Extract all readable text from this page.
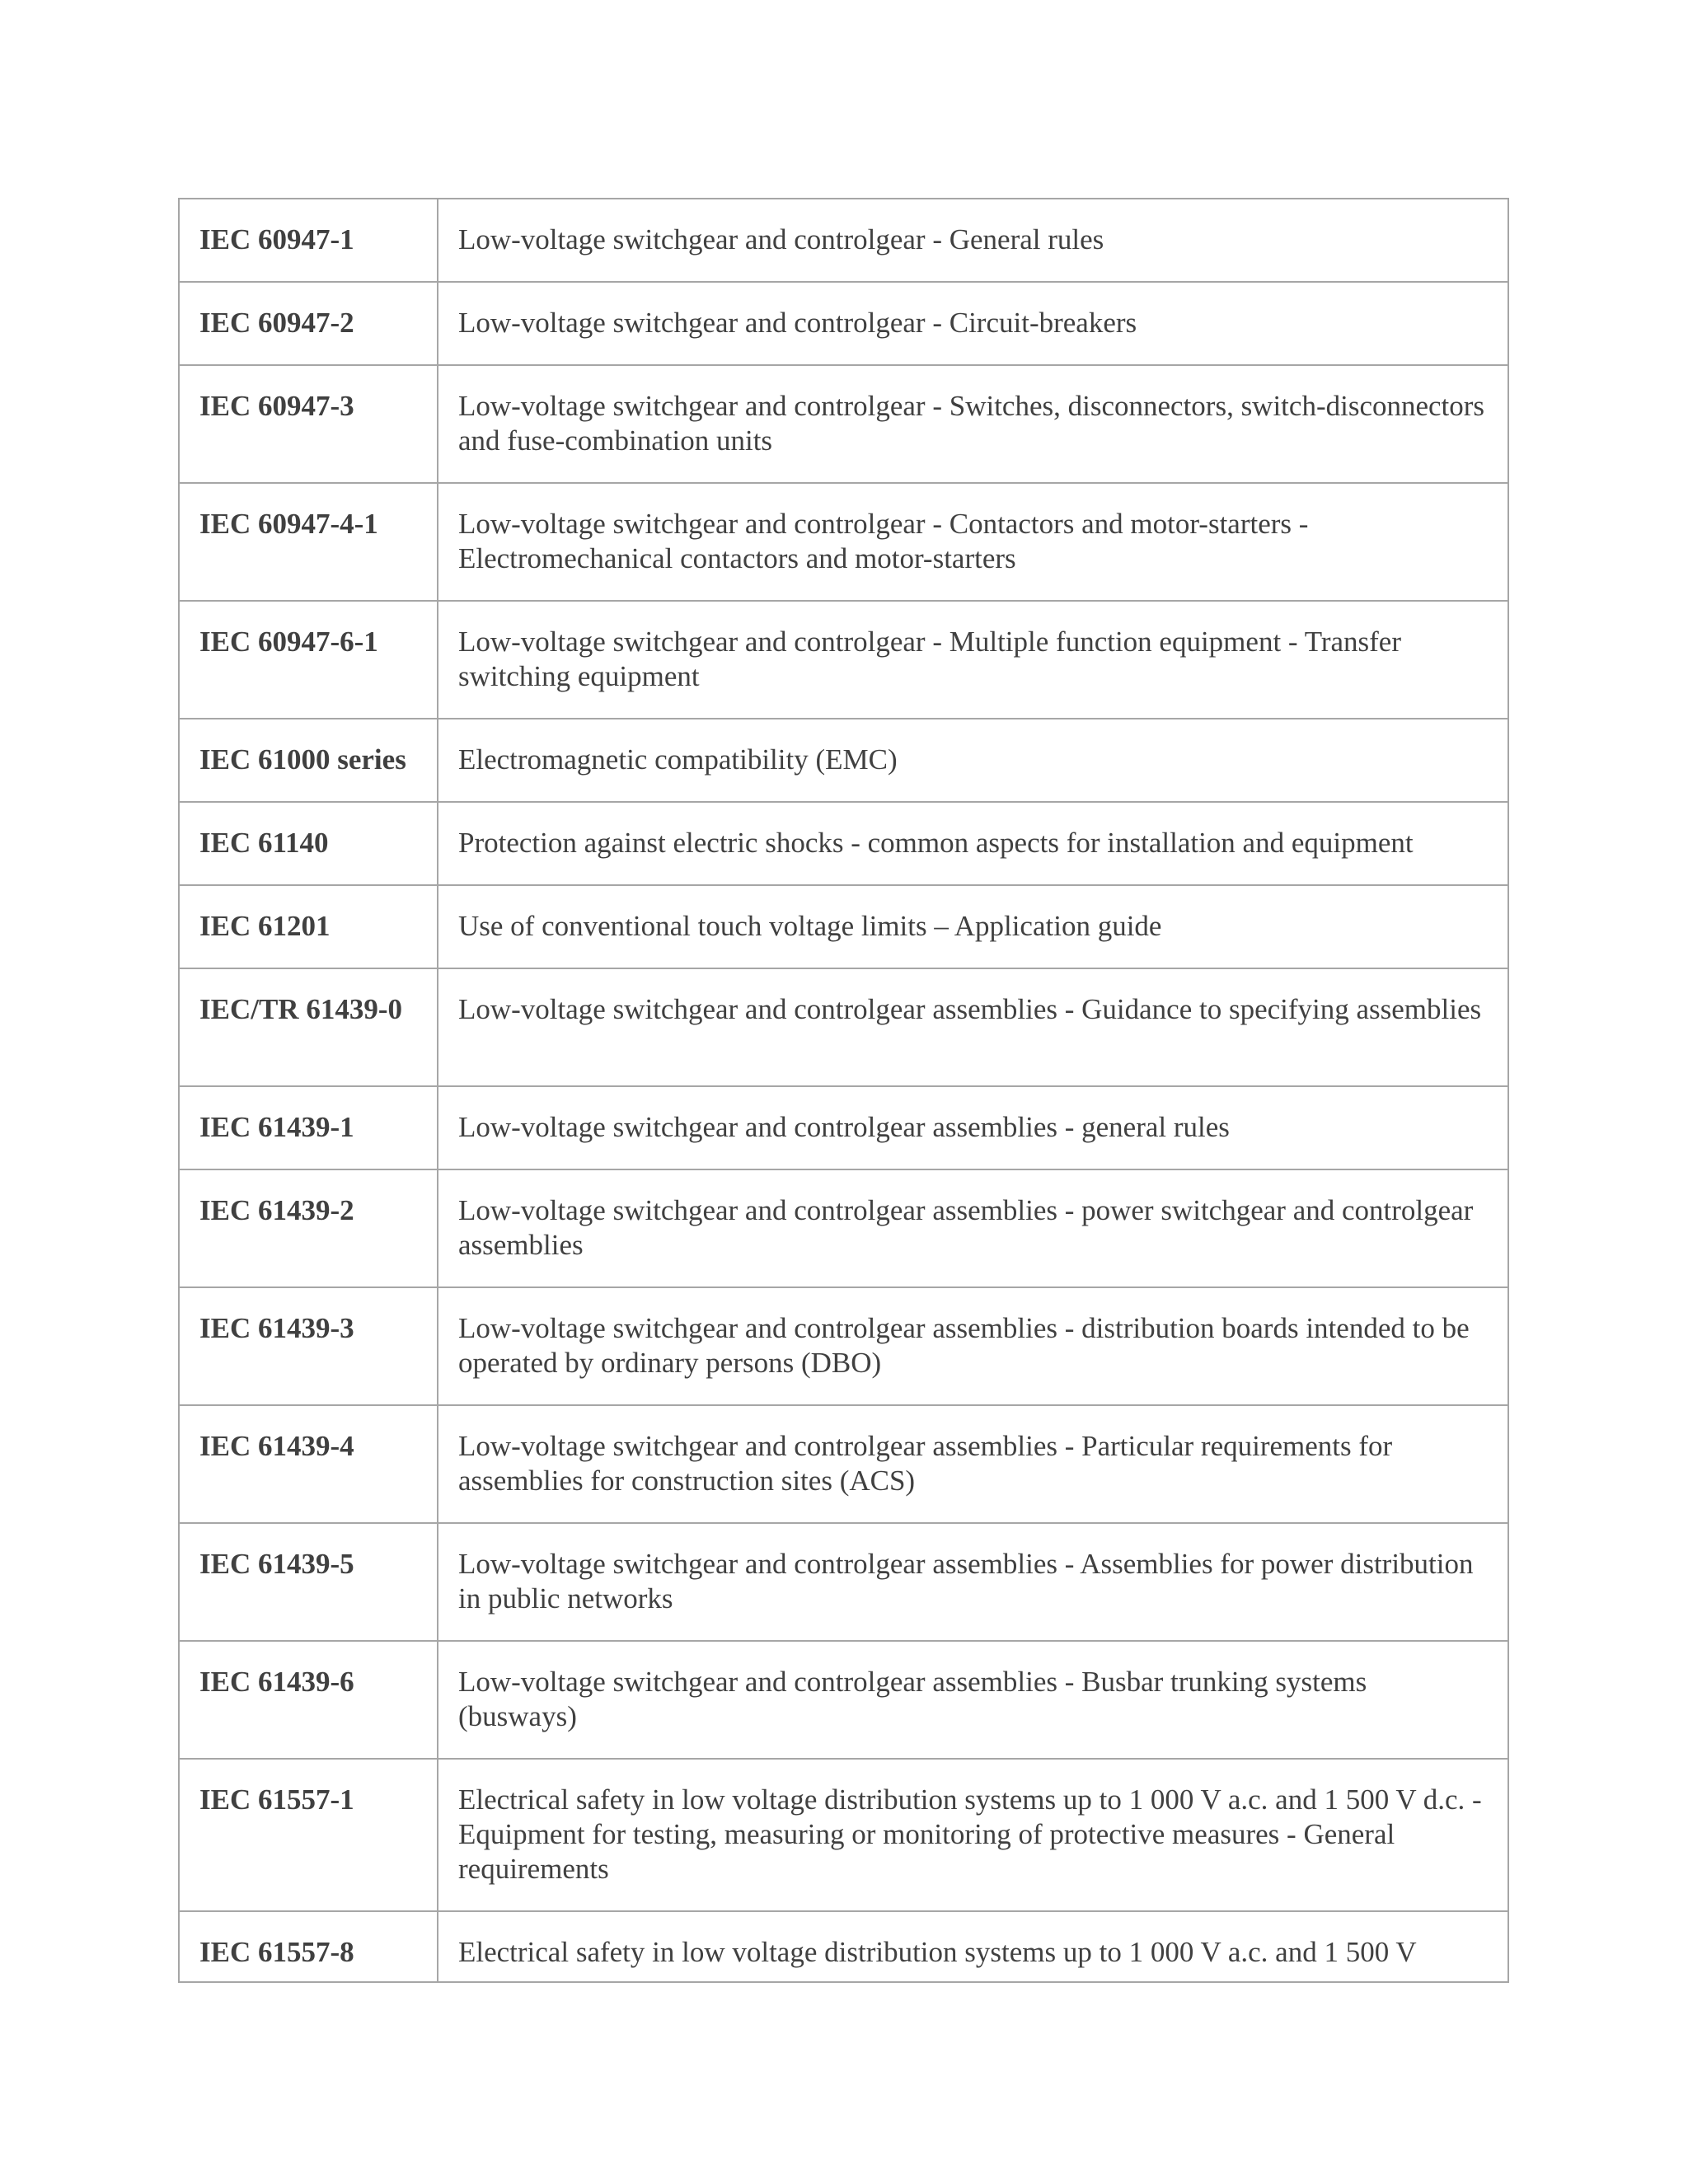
IEC 60947-1	Low-voltage switchgear and controlgear - General rules
IEC 60947-2	Low-voltage switchgear and controlgear - Circuit-breakers
IEC 60947-3	Low-voltage switchgear and controlgear - Switches, disconnectors, switch-disconnectors and fuse-combination units
IEC 60947-4-1	Low-voltage switchgear and controlgear - Contactors and motor-starters - Electromechanical contactors and motor-starters
IEC 60947-6-1	Low-voltage switchgear and controlgear - Multiple function equipment - Transfer switching equipment
IEC 61000 series	Electromagnetic compatibility (EMC)
IEC 61140	Protection against electric shocks - common aspects for installation and equipment
IEC 61201	Use of conventional touch voltage limits – Application guide
IEC/TR 61439-0	Low-voltage switchgear and controlgear assemblies - Guidance to specifying assemblies
IEC 61439-1	Low-voltage switchgear and controlgear assemblies - general rules
IEC 61439-2	Low-voltage switchgear and controlgear assemblies - power switchgear and controlgear assemblies
IEC 61439-3	Low-voltage switchgear and controlgear assemblies - distribution boards intended to be operated by ordinary persons (DBO)
IEC 61439-4	Low-voltage switchgear and controlgear assemblies - Particular requirements for assemblies for construction sites (ACS)
IEC 61439-5	Low-voltage switchgear and controlgear assemblies - Assemblies for power distribution in public networks
IEC 61439-6	Low-voltage switchgear and controlgear assemblies - Busbar trunking systems (busways)
IEC 61557-1	Electrical safety in low voltage distribution systems up to 1 000 V a.c. and 1 500 V d.c. - Equipment for testing, measuring or monitoring of protective measures - General requirements
IEC 61557-8	Electrical safety in low voltage distribution systems up to 1 000 V a.c. and 1 500 V
